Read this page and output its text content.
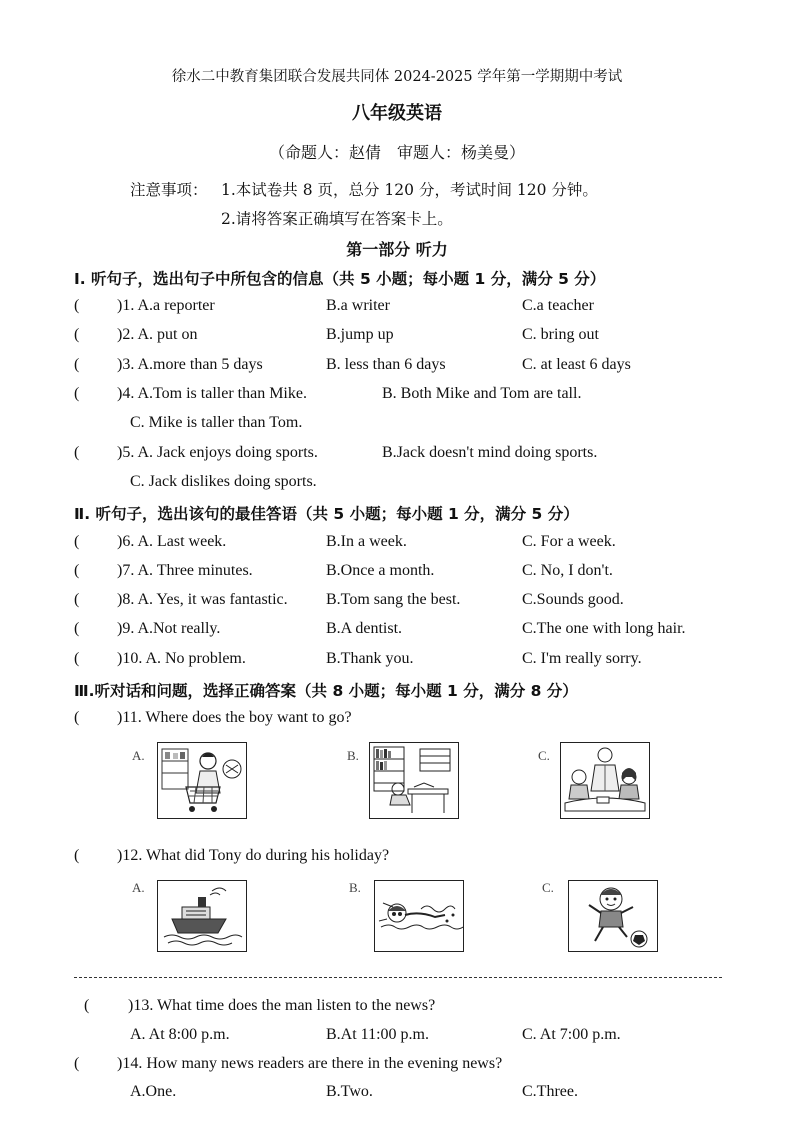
徐水二中教育集团联合发展共同体 2024-2025 学年第一学期期中考试
八年级英语
（命题人：赵倩　审题人：杨美曼）
注意事项： 1.本试卷共 8 页，总分 120 分，考试时间 120 分钟。
2.请将答案正确填写在答案卡上。
第一部分 听力
Ⅰ. 听句子，选出句子中所包含的信息（共 5 小题；每小题 1 分，满分 5 分）
( )1. A.a reporter	B.a writer	C.a teacher
( )2. A. put on	B.jump up	C. bring out
( )3. A.more than 5 days	B. less than 6 days	C. at least 6 days
( )4. A.Tom is taller than Mike.	B. Both Mike and Tom are tall.
C. Mike is taller than Tom.
( )5. A. Jack enjoys doing sports.	B.Jack doesn't mind doing sports.
C. Jack dislikes doing sports.
Ⅱ. 听句子，选出该句的最佳答语（共 5 小题；每小题 1 分，满分 5 分）
( )6. A. Last week.	B.In a week.	C. For a week.
( )7. A. Three minutes.	B.Once a month.	C. No, I don't.
( )8. A. Yes, it was fantastic. B.Tom sang the best.	C.Sounds good.
( )9. A.Not really.	B.A dentist.	C.The one with long hair.
( )10. A. No problem.	B.Thank you.	C. I'm really sorry.
Ⅲ.听对话和问题，选择正确答案（共 8 小题；每小题 1 分，满分 8 分）
( )11. Where does the boy want to go?
A.	B.	C.
( )12. What did Tony do during his holiday?
A.	B.	C.
( )13. What time does the man listen to the news?
A. At 8:00 p.m.	B.At 11:00 p.m.	C. At 7:00 p.m.
( )14. How many news readers are there in the evening news?
A.One.	B.Two.	C.Three.
